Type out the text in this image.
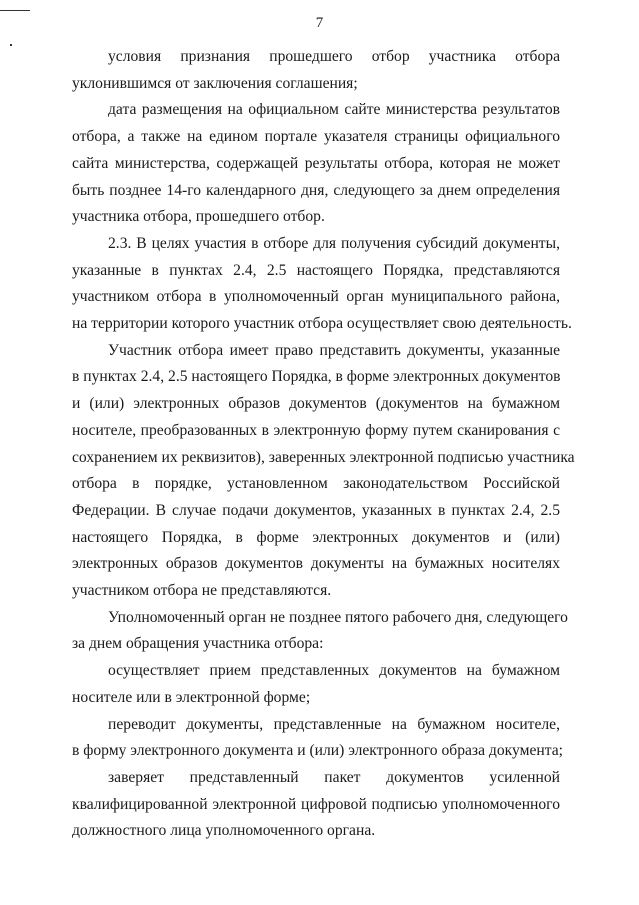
7

условия признания прошедшего отбор участника отбора
уклонившимся от заключения соглашения;

дата размещения на официальном сайте министерства результатов
отбора, а также на едином портале указателя страницы официального
сайта министерства, содержащей результаты отбора, которая не может
быть позднее 14-го календарного дня, следующего за днем определения
участника отбора, прошедшего отбор.

2.3. В целях участия в отборе для получения субсидий документы,
указанные в пунктах 2.4, 2.5 настоящего Порядка, представляются
участником отбора в уполномоченный орган муниципального района,
на территории которого участник отбора осуществляет свою деятельность.

Участник отбора имеет право представить документы, указанные
в пунктах 2.4, 2.5 настоящего Порядка, в форме электронных документов
и (или) электронных образов документов (документов на бумажном
носителе, преобразованных в электронную форму путем сканирования с
сохранением их реквизитов), заверенных электронной подписью участника
отбора в порядке, установленном законодательством Российской
Федерации. В случае подачи документов, указанных в пунктах 2.4, 2.5
настоящего Порядка, в форме электронных документов и (или)
электронных образов документов документы на бумажных носителях
участником отбора не представляются.

Уполномоченный орган не позднее пятого рабочего дня, следующего
за днем обращения участника отбора:

осуществляет прием представленных документов на бумажном
носителе или в электронной форме;

переводит документы, представленные на бумажном носителе,
в форму электронного документа и (или) электронного образа документа;

заверяет представленный пакет документов усиленной
квалифицированной электронной цифровой подписью уполномоченного
должностного лица уполномоченного органа.
